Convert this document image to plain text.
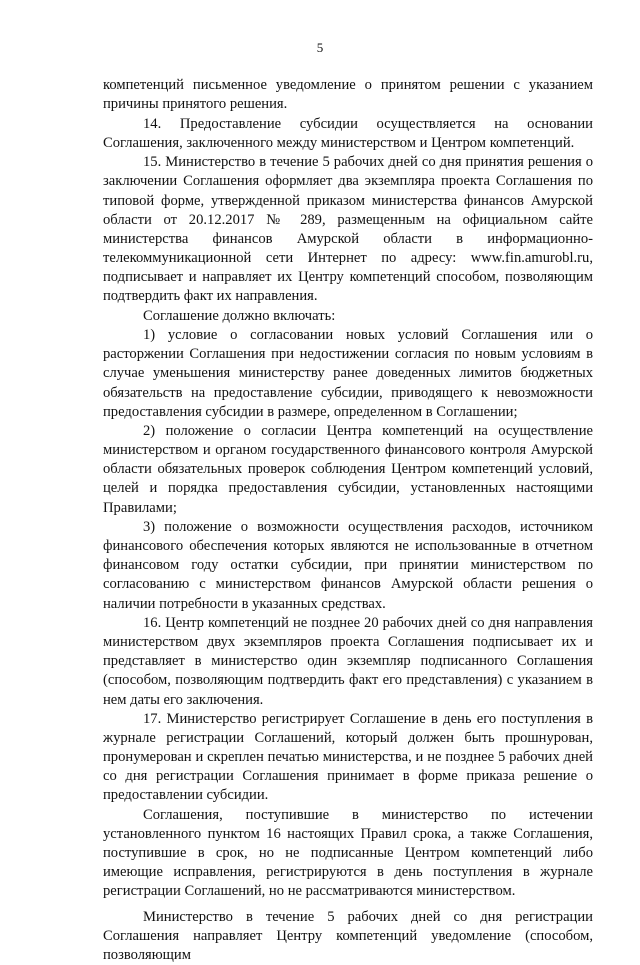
5

компетенций письменное уведомление о принятом решении с указанием причины принятого решения.

14. Предоставление субсидии осуществляется на основании Соглашения, заключенного между министерством и Центром компетенций.

15. Министерство в течение 5 рабочих дней со дня принятия решения о заключении Соглашения оформляет два экземпляра проекта Соглашения по типовой форме, утвержденной приказом министерства финансов Амурской области от 20.12.2017 № 289, размещенным на официальном сайте министерства финансов Амурской области в информационно-телекоммуникационной сети Интернет по адресу: www.fin.amurobl.ru, подписывает и направляет их Центру компетенций способом, позволяющим подтвердить факт их направления.

Соглашение должно включать:

1) условие о согласовании новых условий Соглашения или о расторжении Соглашения при недостижении согласия по новым условиям в случае уменьшения министерству ранее доведенных лимитов бюджетных обязательств на предоставление субсидии, приводящего к невозможности предоставления субсидии в размере, определенном в Соглашении;

2) положение о согласии Центра компетенций на осуществление министерством и органом государственного финансового контроля Амурской области обязательных проверок соблюдения Центром компетенций условий, целей и порядка предоставления субсидии, установленных настоящими Правилами;

3) положение о возможности осуществления расходов, источником финансового обеспечения которых являются не использованные в отчетном финансовом году остатки субсидии, при принятии министерством по согласованию с министерством финансов Амурской области решения о наличии потребности в указанных средствах.

16. Центр компетенций не позднее 20 рабочих дней со дня направления министерством двух экземпляров проекта Соглашения подписывает их и представляет в министерство один экземпляр подписанного Соглашения (способом, позволяющим подтвердить факт его представления) с указанием в нем даты его заключения.

17. Министерство регистрирует Соглашение в день его поступления в журнале регистрации Соглашений, который должен быть прошнурован, пронумерован и скреплен печатью министерства, и не позднее 5 рабочих дней со дня регистрации Соглашения принимает в форме приказа решение о предоставлении субсидии.

Соглашения, поступившие в министерство по истечении установленного пунктом 16 настоящих Правил срока, а также Соглашения, поступившие в срок, но не подписанные Центром компетенций либо имеющие исправления, регистрируются в день поступления в журнале регистрации Соглашений, но не рассматриваются министерством.

Министерство в течение 5 рабочих дней со дня регистрации Соглашения направляет Центру компетенций уведомление (способом, позволяющим
